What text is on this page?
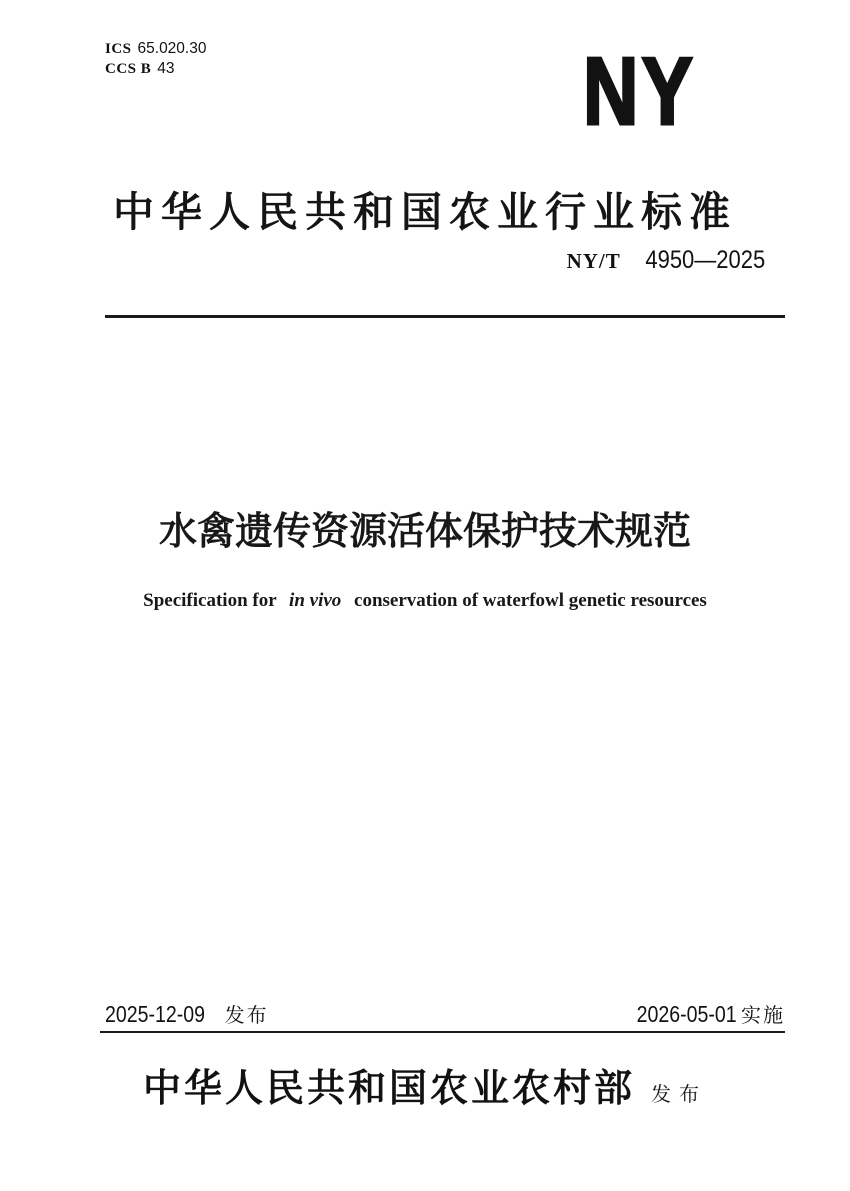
ICS 65.020.30
CCS B 43	NY
中华人民共和国农业行业标准
NY/T 4950—2025
水禽遗传资源活体保护技术规范
Specification for in vivo conservation of waterfowl genetic resources
2025-12-09 发布	2026-05-01 实施
中华人民共和国农业农村部 发布
